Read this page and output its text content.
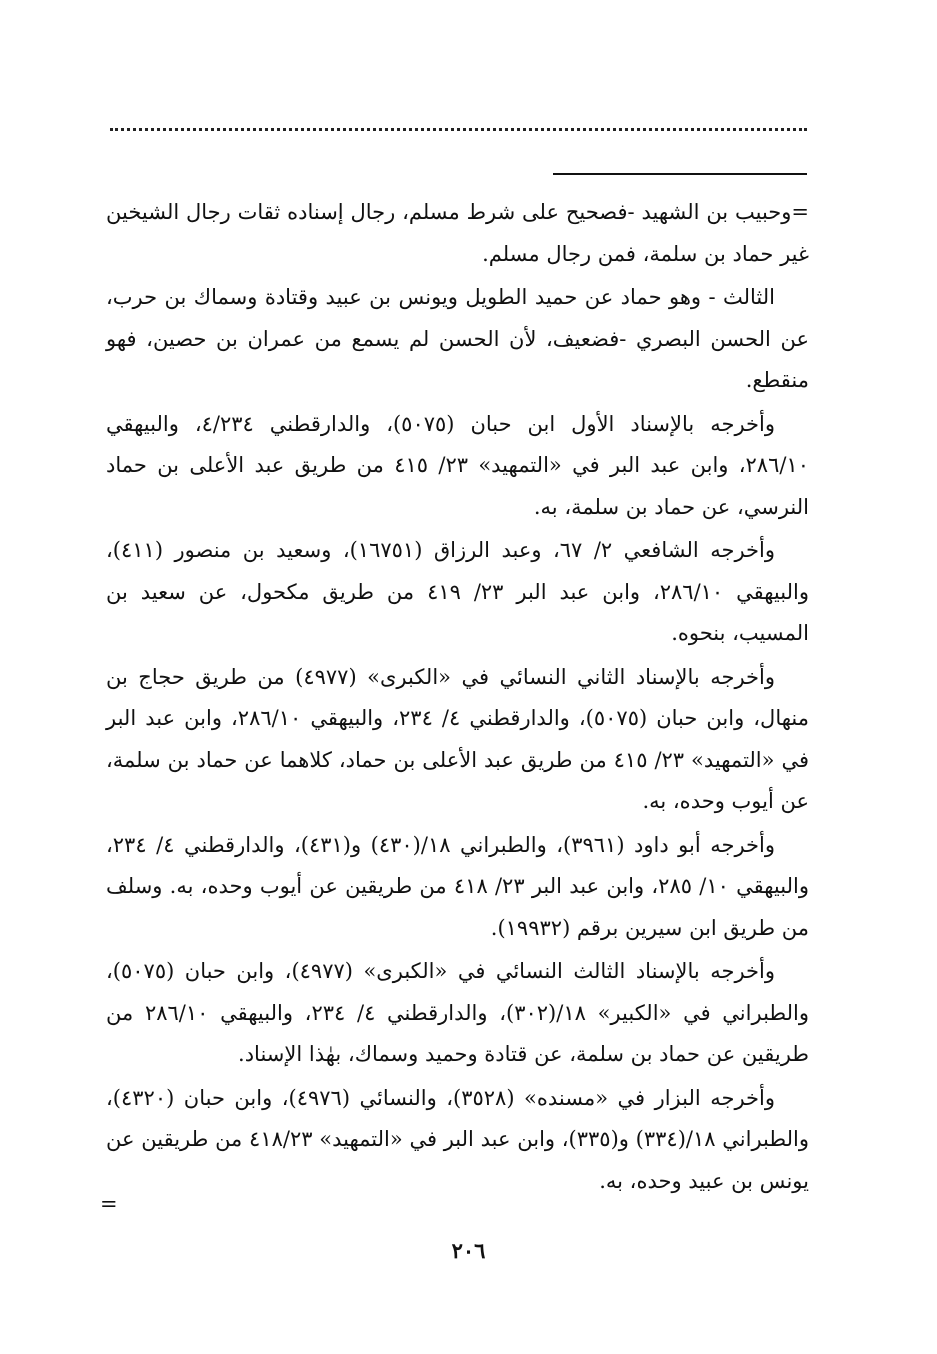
=وحبيب بن الشهيد -فصحيح على شرط مسلم، رجال إسناده ثقات رجال الشيخين غير حماد بن سلمة، فمن رجال مسلم.

الثالث - وهو حماد عن حميد الطويل ويونس بن عبيد وقتادة وسماك بن حرب، عن الحسن البصري -فضعيف، لأن الحسن لم يسمع من عمران بن حصين، فهو منقطع.

وأخرجه بالإسناد الأول ابن حبان (٥٠٧٥)، والدارقطني ٤/٢٣٤، والبيهقي ٢٨٦/١٠، وابن عبد البر في «التمهيد» ٢٣/ ٤١٥ من طريق عبد الأعلى بن حماد النرسي، عن حماد بن سلمة، به.

وأخرجه الشافعي ٢/ ٦٧، وعبد الرزاق (١٦٧٥١)، وسعيد بن منصور (٤١١)، والبيهقي ٢٨٦/١٠، وابن عبد البر ٢٣/ ٤١٩ من طريق مكحول، عن سعيد بن المسيب، بنحوه.

وأخرجه بالإسناد الثاني النسائي في «الكبرى» (٤٩٧٧) من طريق حجاج بن منهال، وابن حبان (٥٠٧٥)، والدارقطني ٤/ ٢٣٤، والبيهقي ٢٨٦/١٠، وابن عبد البر في «التمهيد» ٢٣/ ٤١٥ من طريق عبد الأعلى بن حماد، كلاهما عن حماد بن سلمة، عن أيوب وحده، به.

وأخرجه أبو داود (٣٩٦١)، والطبراني ١٨/(٤٣٠) و(٤٣١)، والدارقطني ٤/ ٢٣٤، والبيهقي ١٠/ ٢٨٥، وابن عبد البر ٢٣/ ٤١٨ من طريقين عن أيوب وحده، به. وسلف من طريق ابن سيرين برقم (١٩٩٣٢).

وأخرجه بالإسناد الثالث النسائي في «الكبرى» (٤٩٧٧)، وابن حبان (٥٠٧٥)، والطبراني في «الكبير» ١٨/(٣٠٢)، والدارقطني ٤/ ٢٣٤، والبيهقي ٢٨٦/١٠ من طريقين عن حماد بن سلمة، عن قتادة وحميد وسماك، بهٰذا الإسناد.

وأخرجه البزار في «مسنده» (٣٥٢٨)، والنسائي (٤٩٧٦)، وابن حبان (٤٣٢٠)، والطبراني ١٨/(٣٣٤) و(٣٣٥)، وابن عبد البر في «التمهيد» ٤١٨/٢٣ من طريقين عن يونس بن عبيد وحده، به.

=
٢٠٦
